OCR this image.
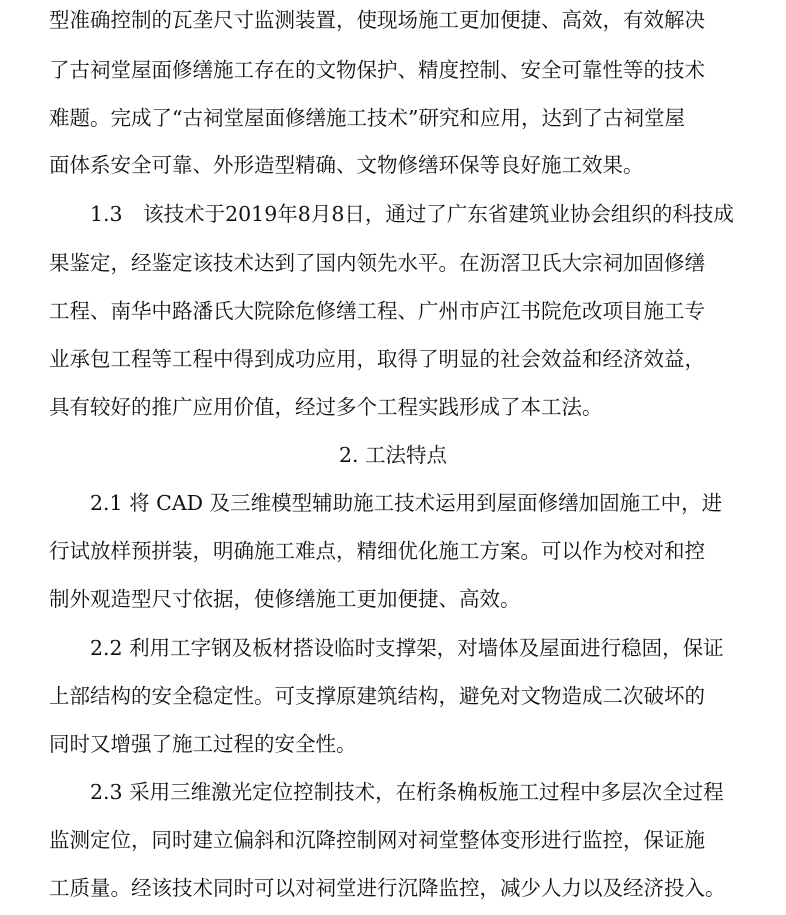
型准确控制的瓦垄尺寸监测装置，使现场施工更加便捷、高效，有效解决
了古祠堂屋面修缮施工存在的文物保护、精度控制、安全可靠性等的技术
难题。完成了“古祠堂屋面修缮施工技术”研究和应用，达到了古祠堂屋
面体系安全可靠、外形造型精确、文物修缮环保等良好施工效果。
　　1.3　该技术于2019年8月8日，通过了广东省建筑业协会组织的科技成
果鉴定，经鉴定该技术达到了国内领先水平。在沥滘卫氏大宗祠加固修缮
工程、南华中路潘氏大院除危修缮工程、广州市庐江书院危改项目施工专
业承包工程等工程中得到成功应用，取得了明显的社会效益和经济效益，
具有较好的推广应用价值，经过多个工程实践形成了本工法。
2. 工法特点
　　2.1 将 CAD 及三维模型辅助施工技术运用到屋面修缮加固施工中，进
行试放样预拼装，明确施工难点，精细优化施工方案。可以作为校对和控
制外观造型尺寸依据，使修缮施工更加便捷、高效。
　　2.2 利用工字钢及板材搭设临时支撑架，对墙体及屋面进行稳固，保证
上部结构的安全稳定性。可支撑原建筑结构，避免对文物造成二次破坏的
同时又增强了施工过程的安全性。
　　2.3 采用三维激光定位控制技术，在桁条桷板施工过程中多层次全过程
监测定位，同时建立偏斜和沉降控制网对祠堂整体变形进行监控，保证施
工质量。经该技术同时可以对祠堂进行沉降监控，减少人力以及经济投入。
